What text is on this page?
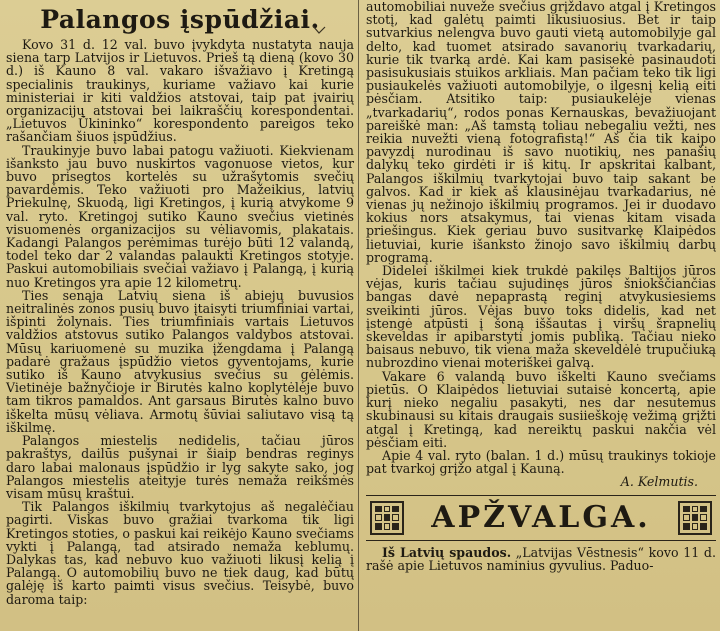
Palangos įspūdžiai.

Kovo 31 d. 12 val. buvo įvykdyta nustatyta nauja siena tarp Latvijos ir Lietuvos. Prieš tą dieną (kovo 30 d.) iš Kauno 8 val. vakaro išvažiavo į Kretingą specialinis traukinys, kuriame važiavo kai kurie ministeriai ir kiti valdžios atstovai, taip pat įvairių organizacijų atstovai bei laikraščių korespondentai. „Lietuvos Ūkininko“ korespondento pareigos teko rašančiam šiuos įspūdžius.

Traukinyje buvo labai patogu važiuoti. Kiekvienam išanksto jau buvo nuskirtos vagonuose vietos, kur buvo prisegtos kortelės su užrašytomis svečių pavardėmis. Teko važiuoti pro Mažeikius, latvių Priekulnę, Skuodą, ligi Kretingos, į kurią atvykome 9 val. ryto. Kretingoj sutiko Kauno svečius vietinės visuomenės organizacijos su vėliavomis, plakatais. Kadangi Palangos perėmimas turėjo būti 12 valandą, todel teko dar 2 valandas palaukti Kretingos stotyje. Paskui automobiliais svečiai važiavo į Palangą, į kurią nuo Kretingos yra apie 12 kilometrų.

Ties senąja Latvių siena iš abiejų buvusios neitralinės zonos pusių buvo įtaisyti triumfiniai vartai, išpinti žolynais. Ties triumfiniais vartais Lietuvos valdžios atstovus sutiko Palangos valdybos atstovai. Mūsų kariuomenė su muzika įžengdama į Palangą padarė gražaus įspūdžio vietos gyventojams, kurie sutiko iš Kauno atvykusius svečius su gėlėmis. Vietinėje bažnyčioje ir Birutės kalno koplytėlėje buvo tam tikros pamaldos. Ant garsaus Birutės kalno buvo iškelta mūsų vėliava. Armotų šūviai saliutavo visą tą iškilmę.

Palangos miestelis nedidelis, tačiau jūros pakraštys, dailūs pušynai ir šiaip bendras reginys daro labai malonaus įspūdžio ir lyg sakyte sako, jog Palangos miestelis ateityje turės nemaža reikšmės visam mūsų kraštui.

Tik Palangos iškilmių tvarkytojus aš negalėčiau pagirti. Viskas buvo gražiai tvarkoma tik ligi Kretingos stoties, o paskui kai reikėjo Kauno svečiams vykti į Palangą, tad atsirado nemaža keblumų. Dalykas tas, kad nebuvo kuo važiuoti likusį kelią į Palangą. O automobilių buvo ne tiek daug, kad būtų galėję iš karto paimti visus svečius. Teisybė, buvo daroma taip:

automobiliai nuveže svečius grįždavo atgal į Kretingos stotį, kad galėtų paimti likusiuosius. Bet ir taip sutvarkius nelengva buvo gauti vietą automobilyje gal delto, kad tuomet atsirado savanorių tvarkadarių, kurie tik tvarką ardė. Kai kam pasisekė pasinaudoti pasisukusiais stuikos arkliais. Man pačiam teko tik ligi pusiaukelės važiuoti automobilyje, o ilgesnį kelią eiti pėsčiam. Atsitiko taip: pusiaukelėje vienas „tvarkadarių“, rodos ponas Kernauskas, bevažiuojant pareiškė man: „Aš tamstą toliau nebegaliu vežti, nes reikia nuvežti vieną fotografistą!“ Aš čia tik kaipo pavyzdį nurodinau iš savo nuotikių, nes panašių dalykų teko girdėti ir iš kitų. Ir apskritai kalbant, Palangos iškilmių tvarkytojai buvo taip sakant be galvos. Kad ir kiek aš klausinėjau tvarkadarius, nė vienas jų nežinojo iškilmių programos. Jei ir duodavo kokius nors atsakymus, tai vienas kitam visada priešingus. Kiek geriau buvo susitvarkę Klaipėdos lietuviai, kurie išanksto žinojo savo iškilmių darbų programą.

Didelei iškilmei kiek trukdė pakilęs Baltijos jūros vėjas, kuris tačiau sujudinęs jūros šniokščiančias bangas davė nepaprastą reginį atvykusiesiems sveikinti jūros. Vėjas buvo toks didelis, kad net įstengė atpūsti į šoną iššautas į viršų šrapnelių skeveldas ir apibarstyti jomis publiką. Tačiau nieko baisaus nebuvo, tik viena maža skeveldėlė trupučiuką nubrozdino vienai moteriškei galvą.

Vakare 6 valandą buvo iškelti Kauno svečiams pietūs. O Klaipėdos lietuviai sutaisė koncertą, apie kurį nieko negaliu pasakyti, nes dar nesutemus skubinausi su kitais draugais susiieškoję vežimą grįžti atgal į Kretingą, kad nereiktų paskui nakčia vėl pėsčiam eiti.

Apie 4 val. ryto (balan. 1 d.) mūsų traukinys tokioje pat tvarkoj grįžo atgal į Kauną.

A. Kelmutis.
APŽVALGA.

Iš Latvių spaudos. „Latvijas Vēstnesis“ kovo 11 d. rašė apie Lietuvos naminius gyvulius. Paduo-
